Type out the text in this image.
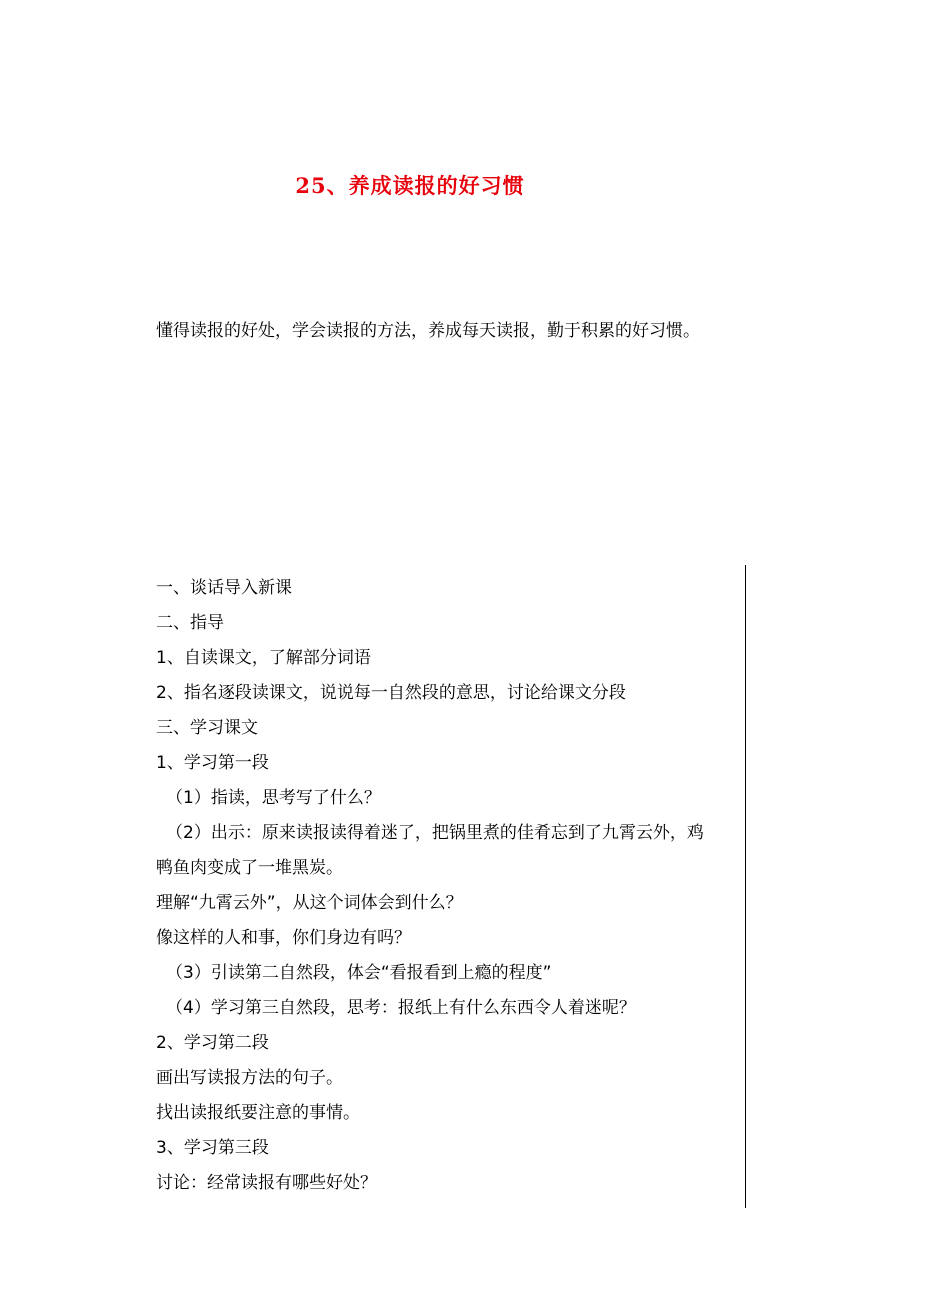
25、养成读报的好习惯
懂得读报的好处，学会读报的方法，养成每天读报，勤于积累的好习惯。
一、谈话导入新课
二、指导
1、自读课文，了解部分词语
2、指名逐段读课文，说说每一自然段的意思，讨论给课文分段
三、学习课文
1、学习第一段
（1）指读，思考写了什么？
（2）出示：原来读报读得着迷了，把锅里煮的佳肴忘到了九霄云外，鸡
鸭鱼肉变成了一堆黑炭。
理解“九霄云外”，从这个词体会到什么？
像这样的人和事，你们身边有吗？
（3）引读第二自然段，体会“看报看到上瘾的程度”
（4）学习第三自然段，思考：报纸上有什么东西令人着迷呢？
2、学习第二段
画出写读报方法的句子。
找出读报纸要注意的事情。
3、学习第三段
讨论：经常读报有哪些好处？
